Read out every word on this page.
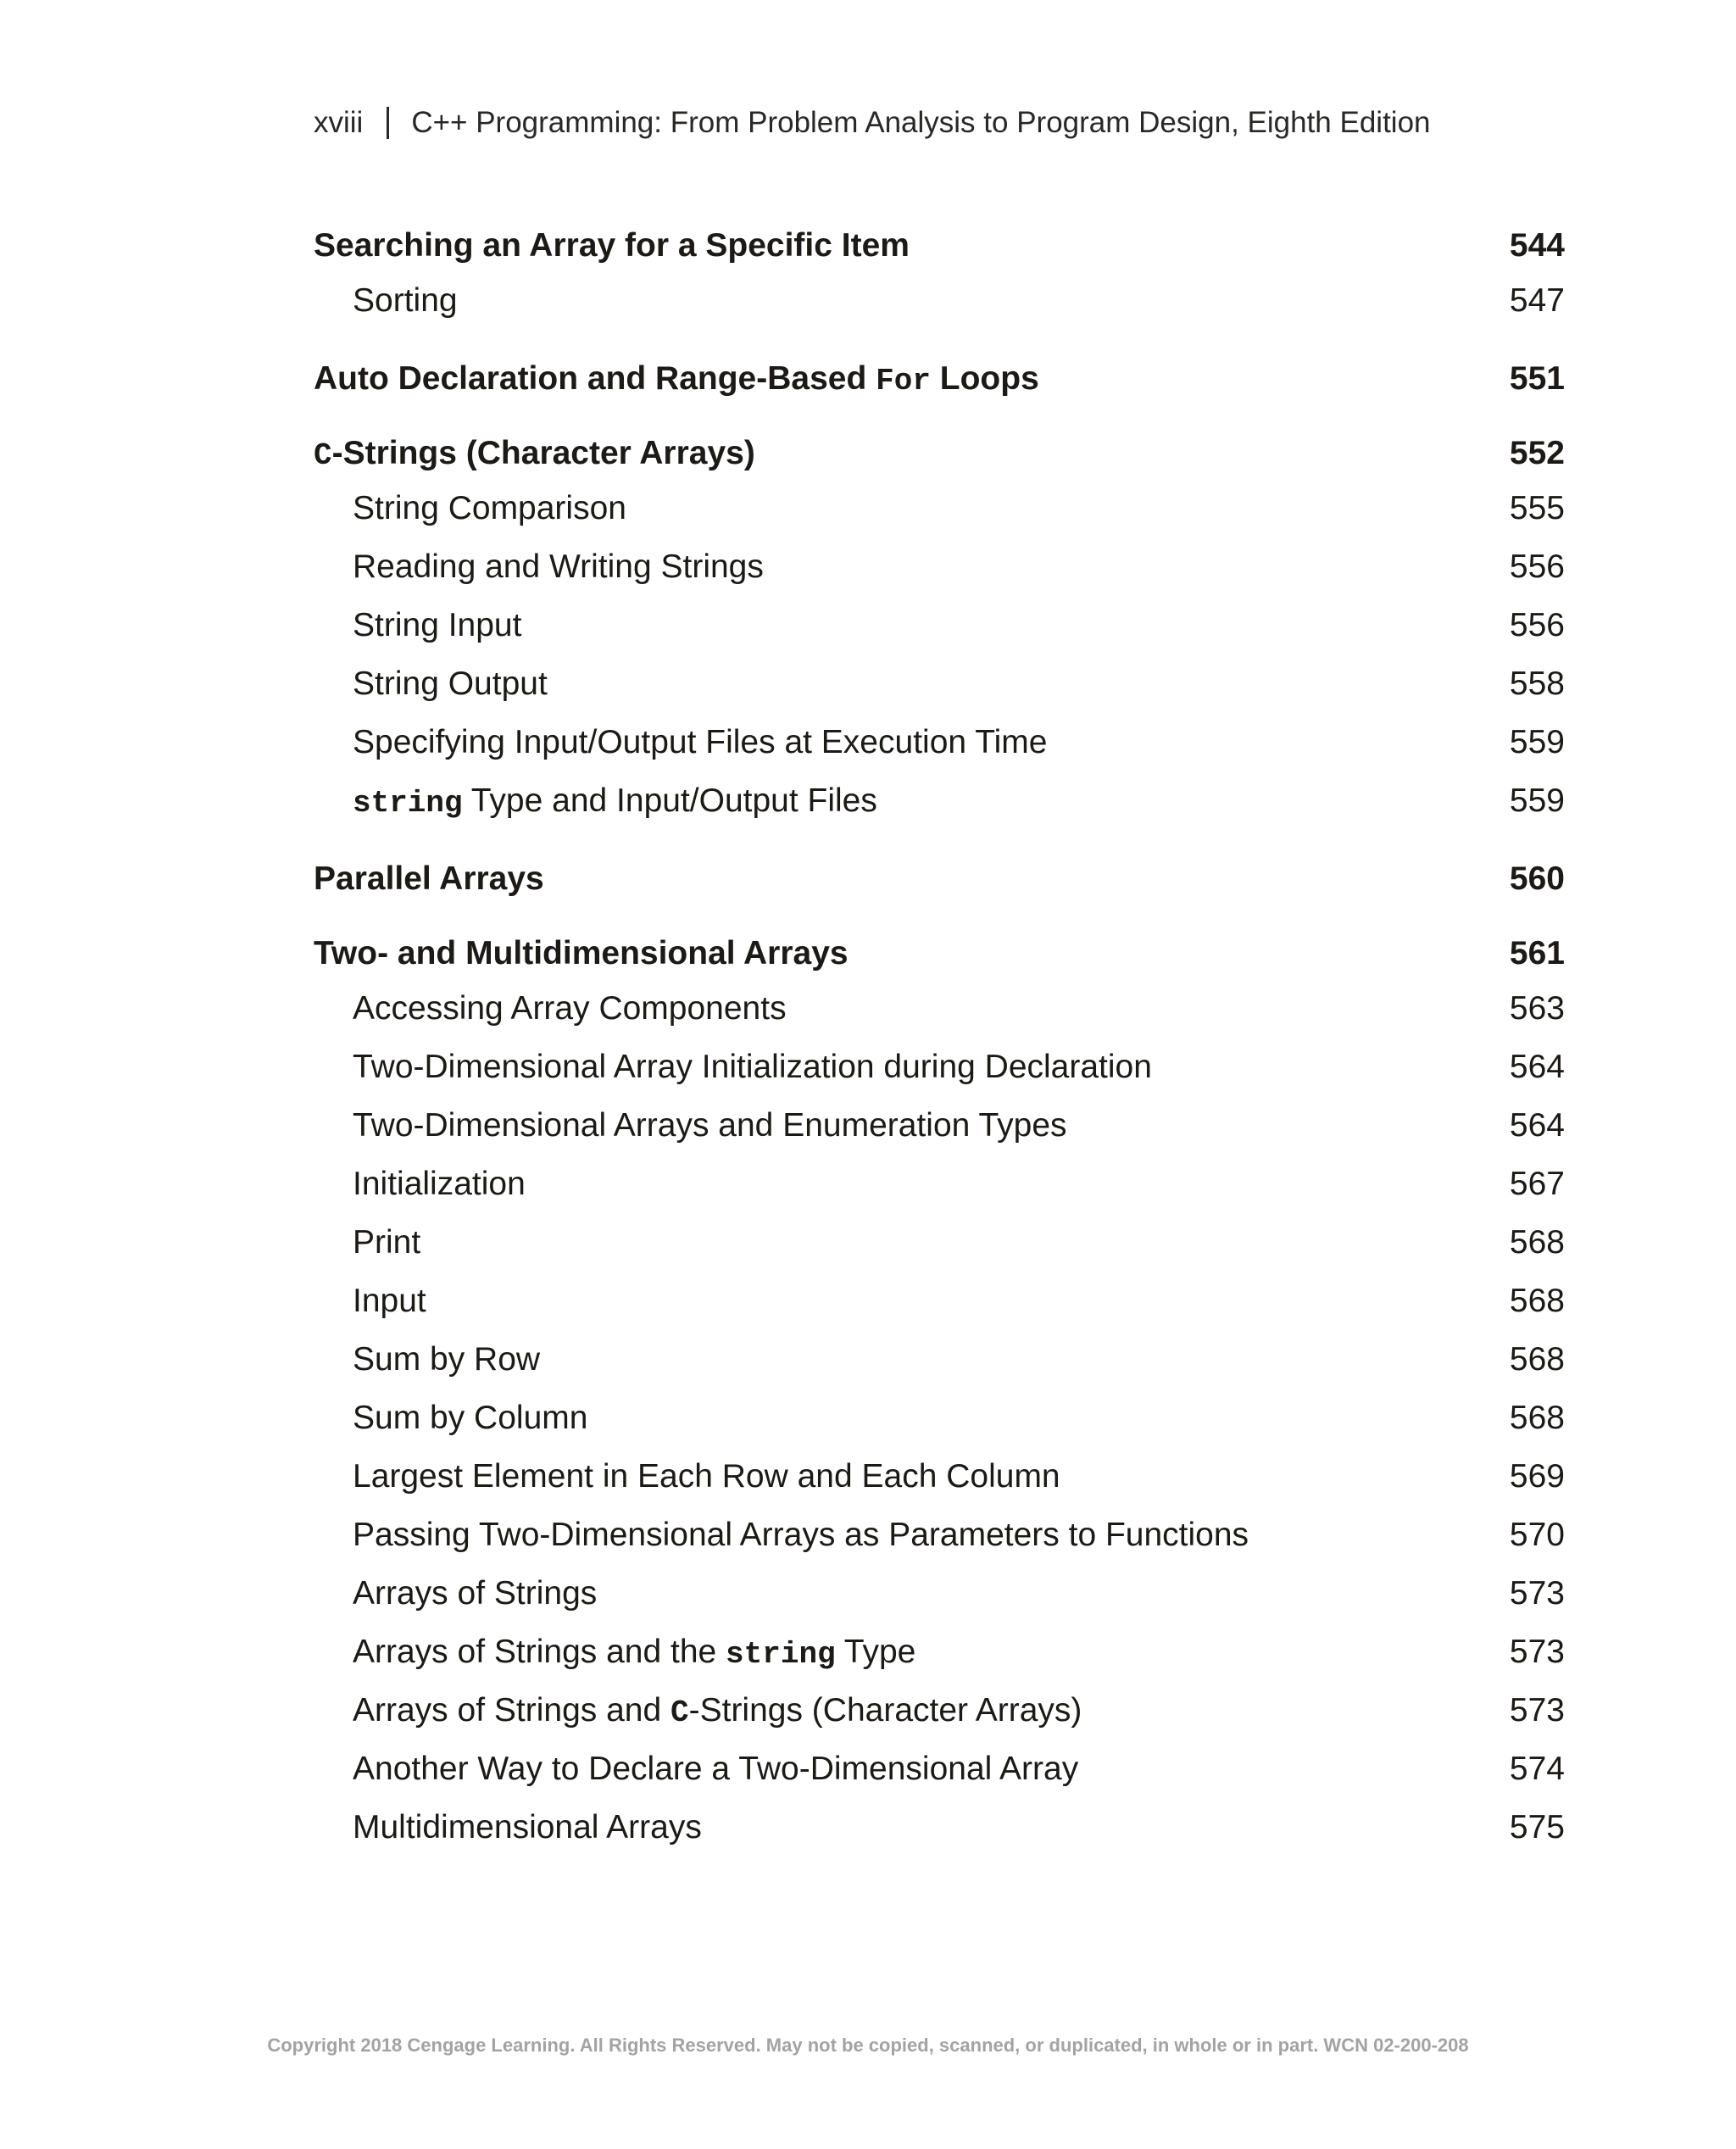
xviii C++ Programming: From Problem Analysis to Program Design, Eighth Edition
Searching an Array for a Specific Item	544
Sorting	547
Auto Declaration and Range-Based For Loops	551
C-Strings (Character Arrays)	552
String Comparison	555
Reading and Writing Strings	556
String Input	556
String Output	558
Specifying Input/Output Files at Execution Time	559
string Type and Input/Output Files	559
Parallel Arrays	560
Two- and Multidimensional Arrays	561
Accessing Array Components	563
Two-Dimensional Array Initialization during Declaration	564
Two-Dimensional Arrays and Enumeration Types	564
Initialization	567
Print	568
Input	568
Sum by Row	568
Sum by Column	568
Largest Element in Each Row and Each Column	569
Passing Two-Dimensional Arrays as Parameters to Functions	570
Arrays of Strings	573
Arrays of Strings and the string Type	573
Arrays of Strings and C-Strings (Character Arrays)	573
Another Way to Declare a Two-Dimensional Array	574
Multidimensional Arrays	575
Copyright 2018 Cengage Learning. All Rights Reserved. May not be copied, scanned, or duplicated, in whole or in part. WCN 02-200-208
